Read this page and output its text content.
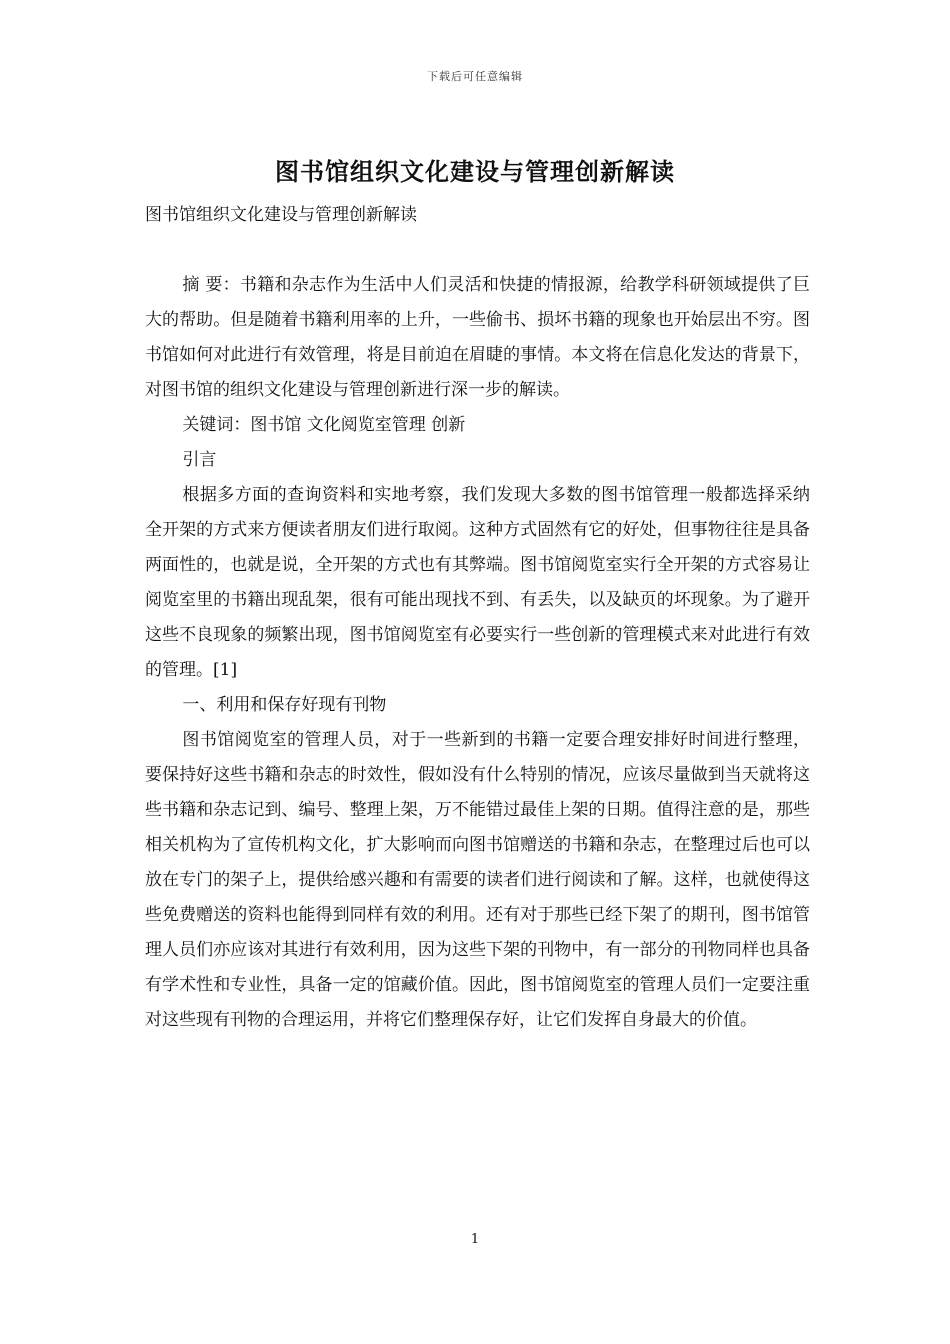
下载后可任意编辑
图书馆组织文化建设与管理创新解读

图书馆组织文化建设与管理创新解读

摘 要：书籍和杂志作为生活中人们灵活和快捷的情报源，给教学科研领域提供了巨大的帮助。但是随着书籍利用率的上升，一些偷书、损坏书籍的现象也开始层出不穷。图书馆如何对此进行有效管理，将是目前迫在眉睫的事情。本文将在信息化发达的背景下，对图书馆的组织文化建设与管理创新进行深一步的解读。

关键词：图书馆 文化阅览室管理 创新

引言

根据多方面的查询资料和实地考察，我们发现大多数的图书馆管理一般都选择采纳全开架的方式来方便读者朋友们进行取阅。这种方式固然有它的好处，但事物往往是具备两面性的，也就是说，全开架的方式也有其弊端。图书馆阅览室实行全开架的方式容易让阅览室里的书籍出现乱架，很有可能出现找不到、有丢失，以及缺页的坏现象。为了避开这些不良现象的频繁出现，图书馆阅览室有必要实行一些创新的管理模式来对此进行有效的管理。[1]

一、利用和保存好现有刊物

图书馆阅览室的管理人员，对于一些新到的书籍一定要合理安排好时间进行整理，要保持好这些书籍和杂志的时效性，假如没有什么特别的情况，应该尽量做到当天就将这些书籍和杂志记到、编号、整理上架，万不能错过最佳上架的日期。值得注意的是，那些相关机构为了宣传机构文化，扩大影响而向图书馆赠送的书籍和杂志，在整理过后也可以放在专门的架子上，提供给感兴趣和有需要的读者们进行阅读和了解。这样，也就使得这些免费赠送的资料也能得到同样有效的利用。还有对于那些已经下架了的期刊，图书馆管理人员们亦应该对其进行有效利用，因为这些下架的刊物中，有一部分的刊物同样也具备有学术性和专业性，具备一定的馆藏价值。因此，图书馆阅览室的管理人员们一定要注重对这些现有刊物的合理运用，并将它们整理保存好，让它们发挥自身最大的价值。

1
